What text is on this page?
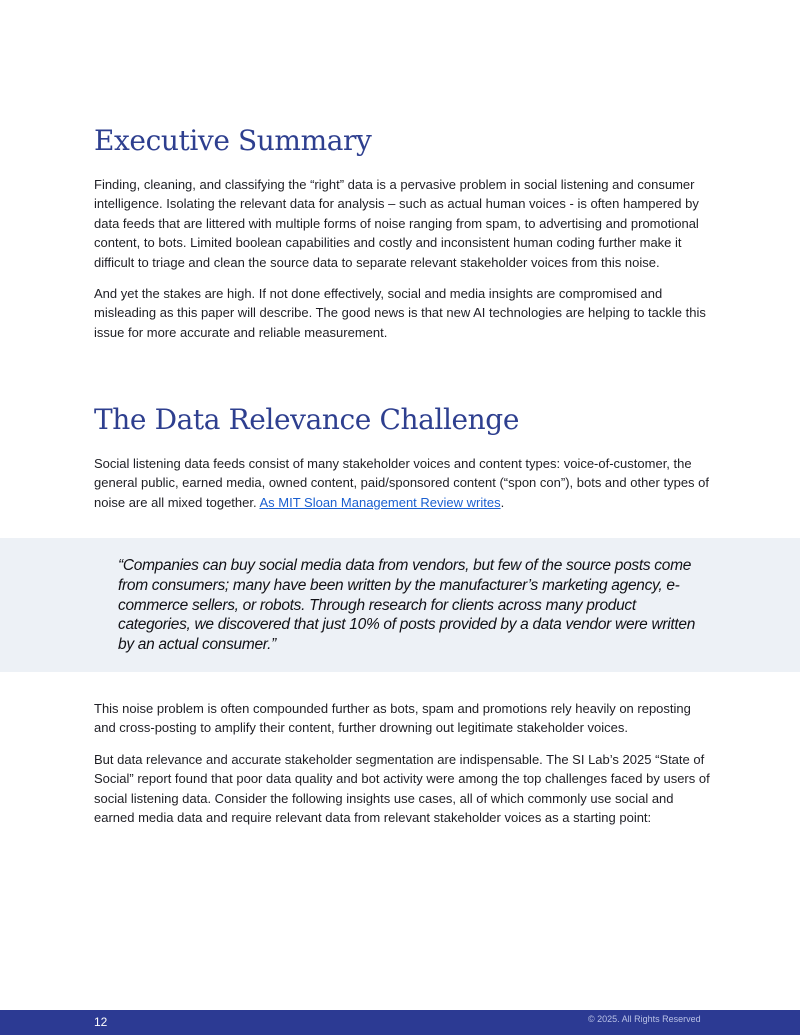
Executive Summary

Finding, cleaning, and classifying the “right” data is a pervasive problem in social listening and consumer intelligence. Isolating the relevant data for analysis – such as actual human voices - is often hampered by data feeds that are littered with multiple forms of noise ranging from spam, to advertising and promotional content, to bots. Limited boolean capabilities and costly and inconsistent human coding further make it difficult to triage and clean the source data to separate relevant stakeholder voices from this noise.

And yet the stakes are high. If not done effectively, social and media insights are compromised and misleading as this paper will describe. The good news is that new AI technologies are helping to tackle this issue for more accurate and reliable measurement.

The Data Relevance Challenge

Social listening data feeds consist of many stakeholder voices and content types: voice-of-customer, the general public, earned media, owned content, paid/sponsored content (“spon con”), bots and other types of noise are all mixed together. As MIT Sloan Management Review writes.

“Companies can buy social media data from vendors, but few of the source posts come from consumers; many have been written by the manufacturer’s marketing agency, e-commerce sellers, or robots. Through research for clients across many product categories, we discovered that just 10% of posts provided by a data vendor were written by an actual consumer.”

This noise problem is often compounded further as bots, spam and promotions rely heavily on reposting and cross-posting to amplify their content, further drowning out legitimate stakeholder voices.

But data relevance and accurate stakeholder segmentation are indispensable. The SI Lab’s 2025 “State of Social” report found that poor data quality and bot activity were among the top challenges faced by users of social listening data. Consider the following insights use cases, all of which commonly use social and earned media data and require relevant data from relevant stakeholder voices as a starting point:

12	© 2025. All Rights Reserved
